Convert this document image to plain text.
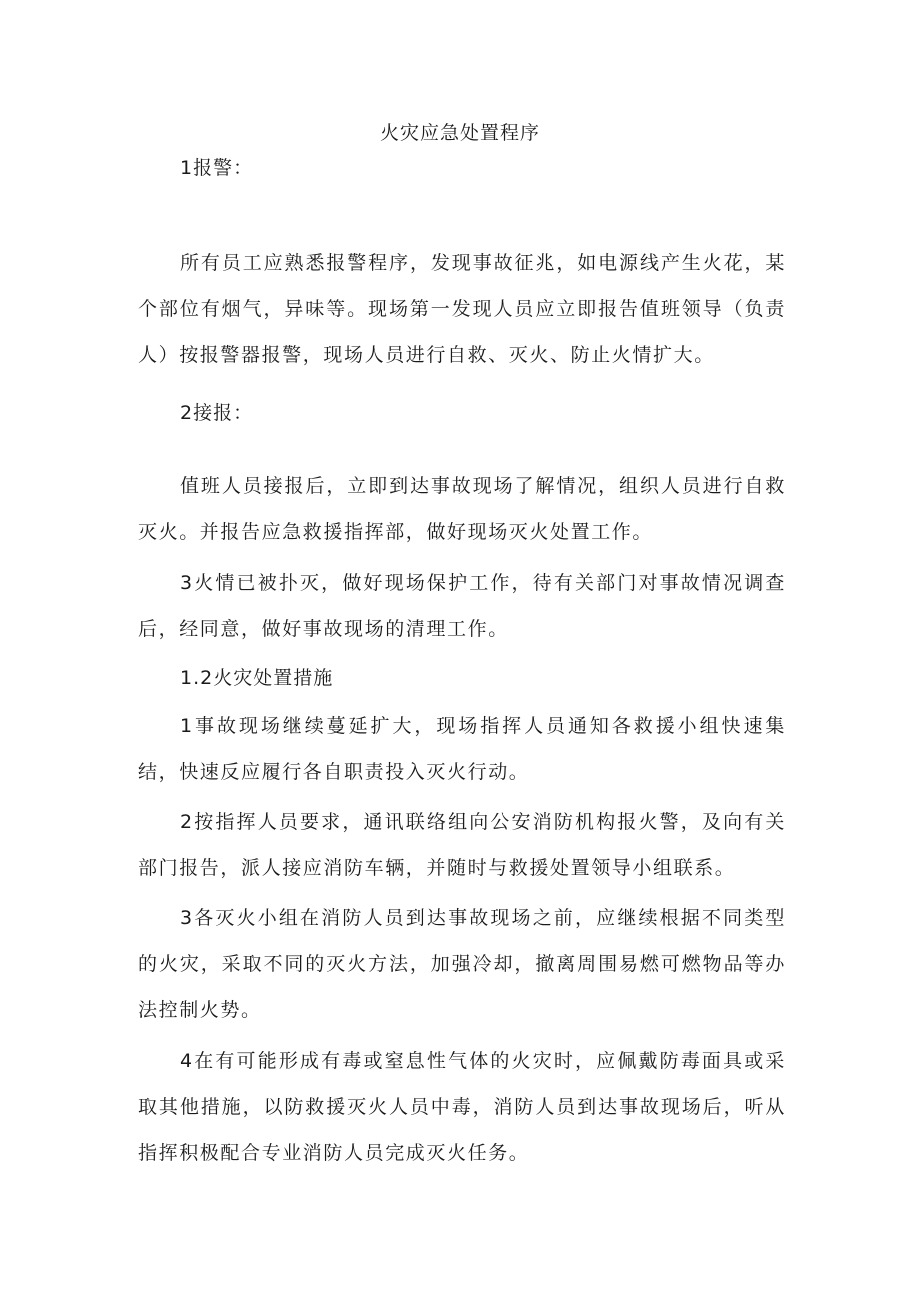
火灾应急处置程序

1报警：

所有员工应熟悉报警程序，发现事故征兆，如电源线产生火花，某个部位有烟气，异味等。现场第一发现人员应立即报告值班领导（负责人）按报警器报警，现场人员进行自救、灭火、防止火情扩大。

2接报：

值班人员接报后，立即到达事故现场了解情况，组织人员进行自救灭火。并报告应急救援指挥部，做好现场灭火处置工作。

3火情已被扑灭，做好现场保护工作，待有关部门对事故情况调查后，经同意，做好事故现场的清理工作。

1.2火灾处置措施

1事故现场继续蔓延扩大，现场指挥人员通知各救援小组快速集结，快速反应履行各自职责投入灭火行动。

2按指挥人员要求，通讯联络组向公安消防机构报火警，及向有关部门报告，派人接应消防车辆，并随时与救援处置领导小组联系。

3各灭火小组在消防人员到达事故现场之前，应继续根据不同类型的火灾，采取不同的灭火方法，加强冷却，撤离周围易燃可燃物品等办法控制火势。

4在有可能形成有毒或窒息性气体的火灾时，应佩戴防毒面具或采取其他措施，以防救援灭火人员中毒，消防人员到达事故现场后，听从指挥积极配合专业消防人员完成灭火任务。
